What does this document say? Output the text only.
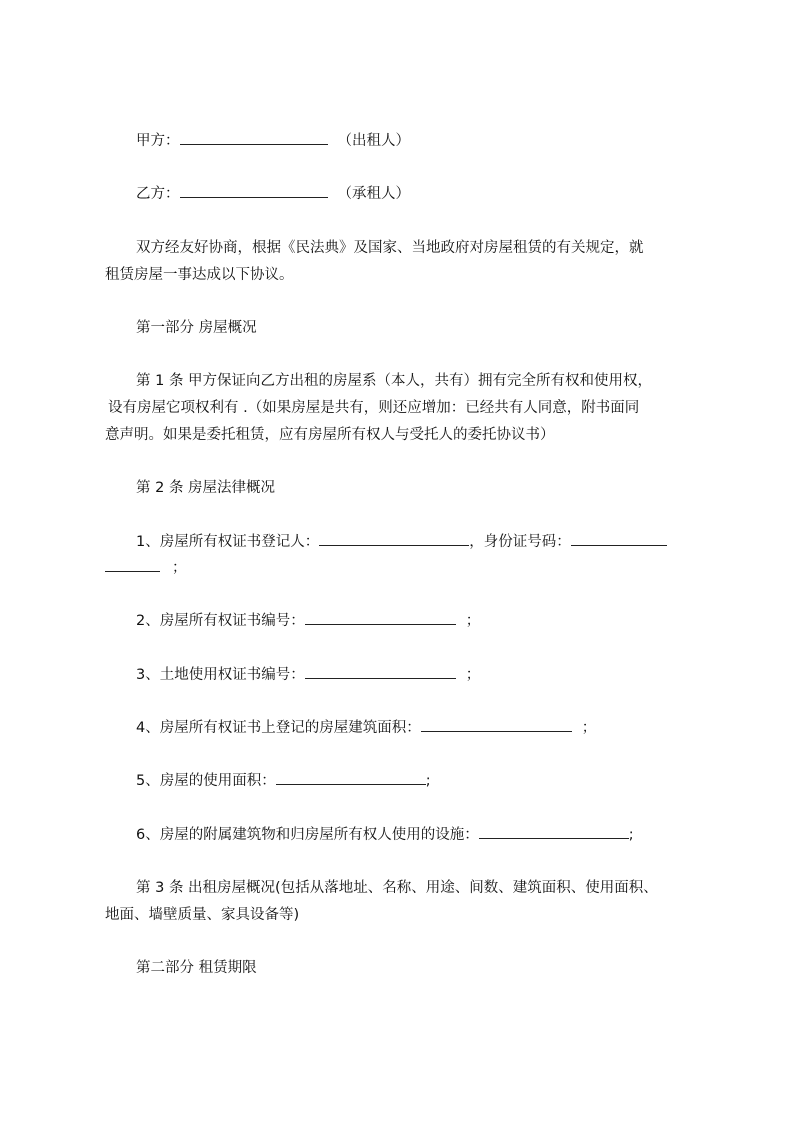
甲方：	（出租人）
乙方：	（承租人）
双方经友好协商，根据《民法典》及国家、当地政府对房屋租赁的有关规定，就
租赁房屋一事达成以下协议。
第一部分 房屋概况
第 1 条 甲方保证向乙方出租的房屋系（本人，共有）拥有完全所有权和使用权，
设有房屋它项权利有 .（如果房屋是共有，则还应增加：已经共有人同意，附书面同
意声明。如果是委托租赁，应有房屋所有权人与受托人的委托协议书）
第 2 条 房屋法律概况
1、房屋所有权证书登记人：	，身份证号码：
；
2、房屋所有权证书编号：	；
3、土地使用权证书编号：	；
4、房屋所有权证书上登记的房屋建筑面积：	；
5、房屋的使用面积：	;
6、房屋的附属建筑物和归房屋所有权人使用的设施：	;
第 3 条 出租房屋概况(包括从落地址、名称、用途、间数、建筑面积、使用面积、
地面、墙壁质量、家具设备等)
第二部分 租赁期限
